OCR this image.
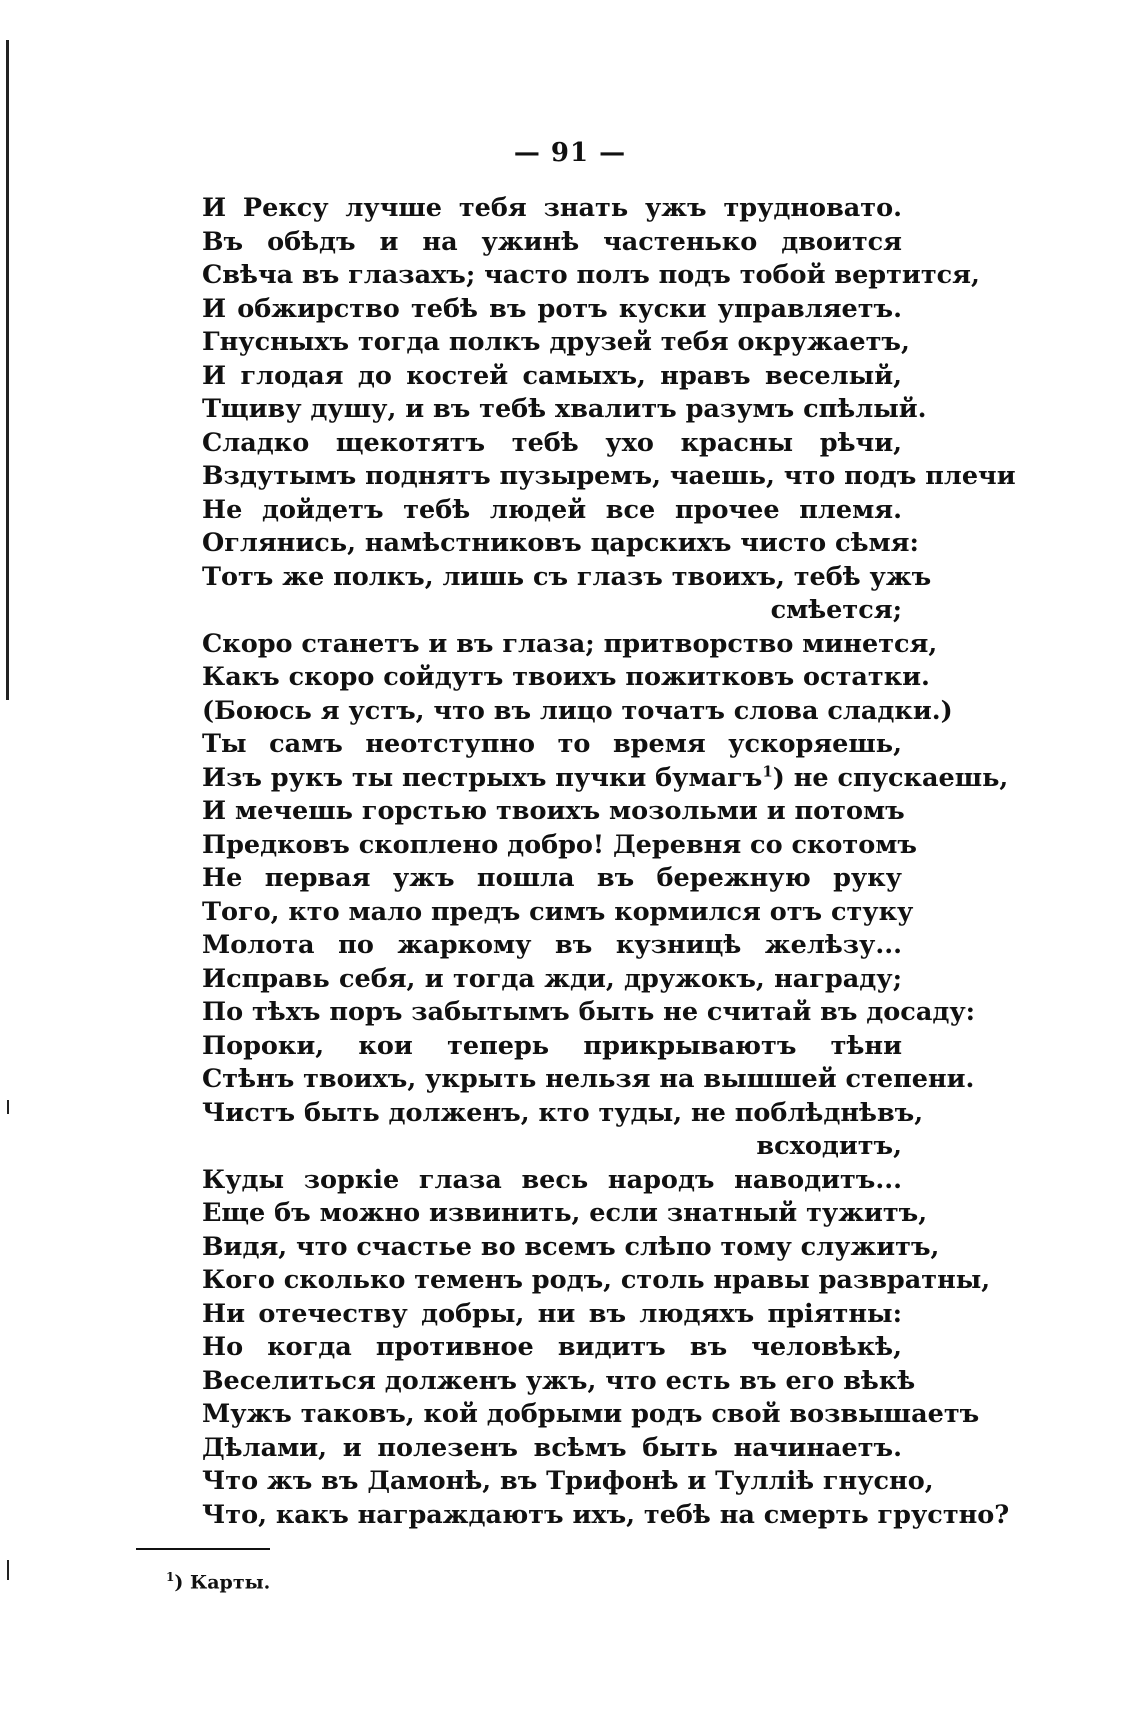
— 91 —
И Рексу лучше тебя знать ужъ трудновато.
Въ обѣдъ и на ужинѣ частенько двоится
Свѣча въ глазахъ; часто полъ подъ тобой вертится,
И обжирство тебѣ въ ротъ куски управляетъ.
Гнусныхъ тогда полкъ друзей тебя окружаетъ,
И глодая до костей самыхъ, нравъ веселый,
Тщиву душу, и въ тебѣ хвалитъ разумъ спѣлый.
Сладко щекотятъ тебѣ ухо красны рѣчи,
Вздутымъ поднятъ пузыремъ, чаешь, что подъ плечи
Не дойдетъ тебѣ людей все прочее племя.
Оглянись, намѣстниковъ царскихъ чисто сѣмя:
Тотъ же полкъ, лишь съ глазъ твоихъ, тебѣ ужъ
смѣется;
Скоро станетъ и въ глаза; притворство минется,
Какъ скоро сойдутъ твоихъ пожитковъ остатки.
(Боюсь я устъ, что въ лицо точатъ слова сладки.)
Ты самъ неотступно то время ускоряешь,
Изъ рукъ ты пестрыхъ пучки бумагъ$^1$) не спускаешь,
И мечешь горстью твоихъ мозольми и потомъ
Предковъ скоплено добро! Деревня со скотомъ
Не первая ужъ пошла въ бережную руку
Того, кто мало предъ симъ кормился отъ стуку
Молота по жаркому въ кузницѣ желѣзу...
Исправь себя, и тогда жди, дружокъ, награду;
По тѣхъ поръ забытымъ быть не считай въ досаду:
Пороки, кои теперь прикрываютъ тѣни
Стѣнъ твоихъ, укрыть нельзя на вышшей степени.
Чистъ быть долженъ, кто туды, не поблѣднѣвъ,
всходитъ,
Куды зоркіе глаза весь народъ наводитъ...
Еще бъ можно извинить, если знатный тужитъ,
Видя, что счастье во всемъ слѣпо тому служитъ,
Кого сколько теменъ родъ, столь нравы развратны,
Ни отечеству добры, ни въ людяхъ пріятны:
Но когда противное видитъ въ человѣкѣ,
Веселиться долженъ ужъ, что есть въ его вѣкѣ
Мужъ таковъ, кой добрыми родъ свой возвышаетъ
Дѣлами, и полезенъ всѣмъ быть начинаетъ.
Что жъ въ Дамонѣ, въ Трифонѣ и Туллiѣ гнусно,
Что, какъ награждаютъ ихъ, тебѣ на смерть грустно?
$^1$) Карты.
